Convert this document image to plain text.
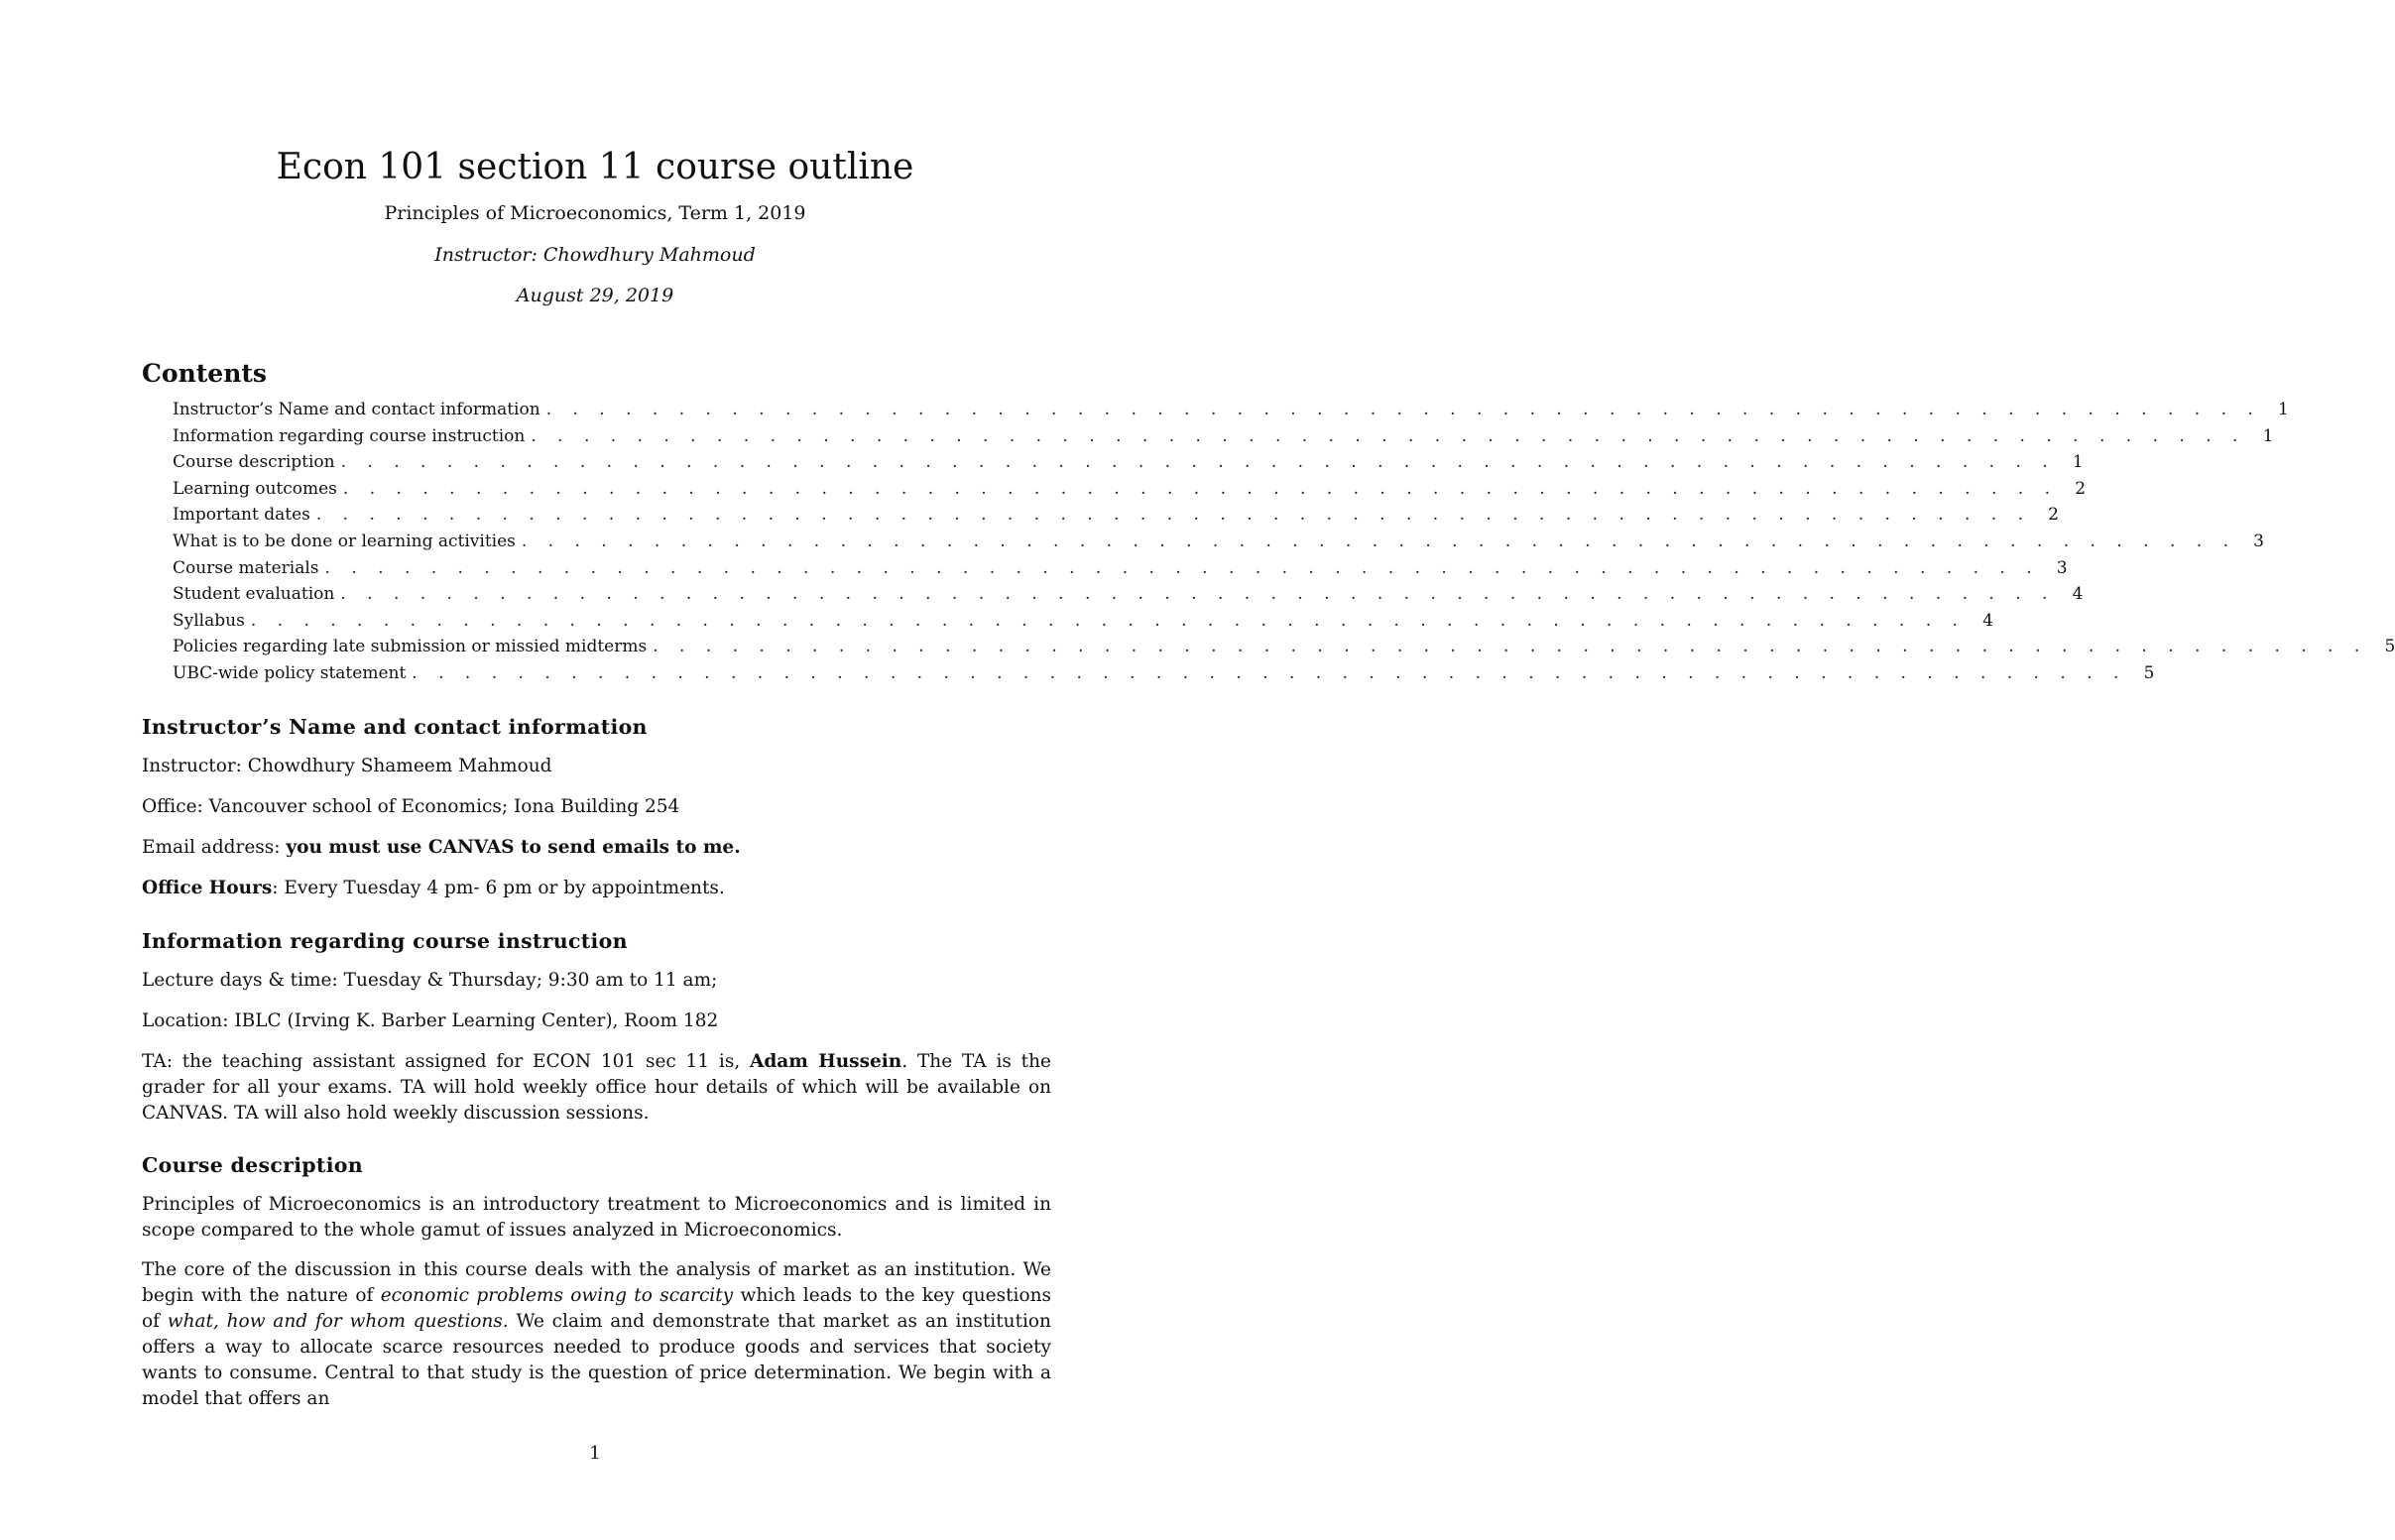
Econ 101 section 11 course outline
Principles of Microeconomics, Term 1, 2019
Instructor: Chowdhury Mahmoud
August 29, 2019
Contents
Instructor’s Name and contact information . . . . . . . . . . . . . . . . . . . . . . . . . . . . . . . . . . . . . . . . . . . . . . . . . . . . . . . . . . . . . . . . .	1
Information regarding course instruction . . . . . . . . . . . . . . . . . . . . . . . . . . . . . . . . . . . . . . . . . . . . . . . . . . . . . . . . . . . . . . . . .	1
Course description . . . . . . . . . . . . . . . . . . . . . . . . . . . . . . . . . . . . . . . . . . . . . . . . . . . . . . . . . . . . . . . . .	1
Learning outcomes . . . . . . . . . . . . . . . . . . . . . . . . . . . . . . . . . . . . . . . . . . . . . . . . . . . . . . . . . . . . . . . . .	2
Important dates . . . . . . . . . . . . . . . . . . . . . . . . . . . . . . . . . . . . . . . . . . . . . . . . . . . . . . . . . . . . . . . . .	2
What is to be done or learning activities . . . . . . . . . . . . . . . . . . . . . . . . . . . . . . . . . . . . . . . . . . . . . . . . . . . . . . . . . . . . . . . . .	3
Course materials . . . . . . . . . . . . . . . . . . . . . . . . . . . . . . . . . . . . . . . . . . . . . . . . . . . . . . . . . . . . . . . . .	3
Student evaluation . . . . . . . . . . . . . . . . . . . . . . . . . . . . . . . . . . . . . . . . . . . . . . . . . . . . . . . . . . . . . . . . .	4
Syllabus . . . . . . . . . . . . . . . . . . . . . . . . . . . . . . . . . . . . . . . . . . . . . . . . . . . . . . . . . . . . . . . . .	4
Policies regarding late submission or missied midterms . . . . . . . . . . . . . . . . . . . . . . . . . . . . . . . . . . . . . . . . . . . . . . . . . . . . . . . . . . . . . . . . .	5
UBC-wide policy statement . . . . . . . . . . . . . . . . . . . . . . . . . . . . . . . . . . . . . . . . . . . . . . . . . . . . . . . . . . . . . . . . .	5
Instructor’s Name and contact information

Instructor: Chowdhury Shameem Mahmoud

Office: Vancouver school of Economics; Iona Building 254

Email address: you must use CANVAS to send emails to me.

Office Hours: Every Tuesday 4 pm- 6 pm or by appointments.

Information regarding course instruction

Lecture days & time: Tuesday & Thursday; 9:30 am to 11 am;

Location: IBLC (Irving K. Barber Learning Center), Room 182

TA: the teaching assistant assigned for ECON 101 sec 11 is, Adam Hussein. The TA is the grader for all your exams. TA will hold weekly office hour details of which will be available on CANVAS. TA will also hold weekly discussion sessions.

Course description

Principles of Microeconomics is an introductory treatment to Microeconomics and is limited in scope compared to the whole gamut of issues analyzed in Microeconomics.

The core of the discussion in this course deals with the analysis of market as an institution. We begin with the nature of economic problems owing to scarcity which leads to the key questions of what, how and for whom questions. We claim and demonstrate that market as an institution offers a way to allocate scarce resources needed to produce goods and services that society wants to consume. Central to that study is the question of price determination. We begin with a model that offers an

1
